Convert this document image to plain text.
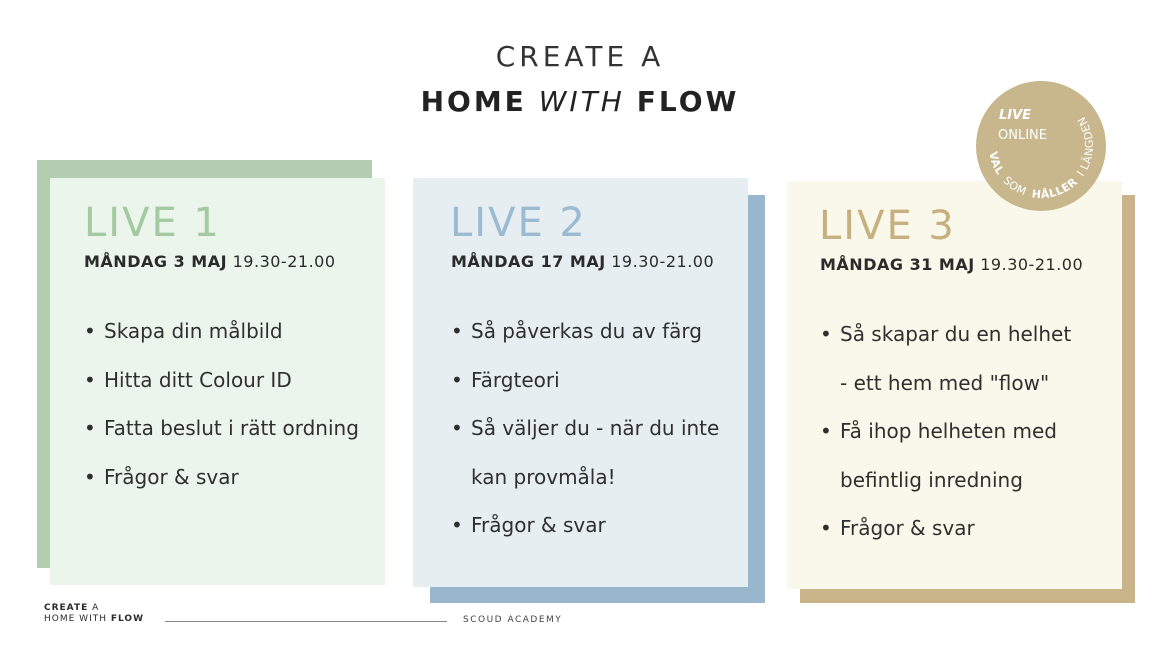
CREATE A
HOME WITH FLOW
LIVE 1
MÅNDAG 3 MAJ 19.30-21.00
• Skapa din målbild
• Hitta ditt Colour ID
• Fatta beslut i rätt ordning
• Frågor & svar
LIVE 2
MÅNDAG 17 MAJ 19.30-21.00
• Så påverkas du av färg
• Färgteori
• Så väljer du - när du inte
kan provmåla!
• Frågor & svar
LIVE 3
MÅNDAG 31 MAJ 19.30-21.00
• Så skapar du en helhet
- ett hem med "flow"
• Få ihop helheten med
befintlig inredning
• Frågor & svar
LIVE
ONLINE
VAL SOM HÅLLER I LÄNGDEN
CREATE A
HOME WITH FLOW	SCOUD ACADEMY
